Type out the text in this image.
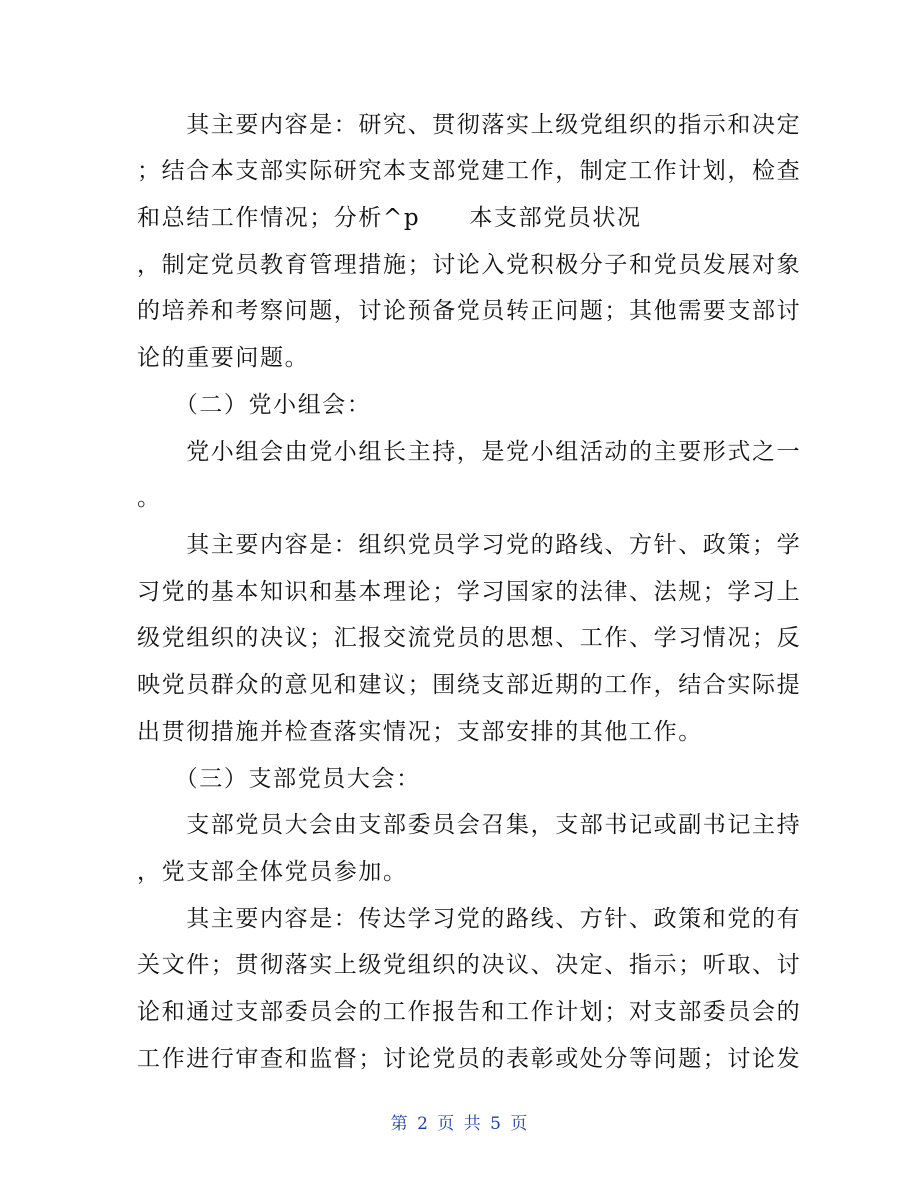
　　其主要内容是：研究、贯彻落实上级党组织的指示和决定
；结合本支部实际研究本支部党建工作，制定工作计划，检查
和总结工作情况；分析^p　　本支部党员状况
，制定党员教育管理措施；讨论入党积极分子和党员发展对象
的培养和考察问题，讨论预备党员转正问题；其他需要支部讨
论的重要问题。
　　（二）党小组会：
　　党小组会由党小组长主持，是党小组活动的主要形式之一
。
　　其主要内容是：组织党员学习党的路线、方针、政策；学
习党的基本知识和基本理论；学习国家的法律、法规；学习上
级党组织的决议；汇报交流党员的思想、工作、学习情况；反
映党员群众的意见和建议；围绕支部近期的工作，结合实际提
出贯彻措施并检查落实情况；支部安排的其他工作。
　　（三）支部党员大会：
　　支部党员大会由支部委员会召集，支部书记或副书记主持
，党支部全体党员参加。
　　其主要内容是：传达学习党的路线、方针、政策和党的有
关文件；贯彻落实上级党组织的决议、决定、指示；听取、讨
论和通过支部委员会的工作报告和工作计划；对支部委员会的
工作进行审查和监督；讨论党员的表彰或处分等问题；讨论发
第 2 页 共 5 页
